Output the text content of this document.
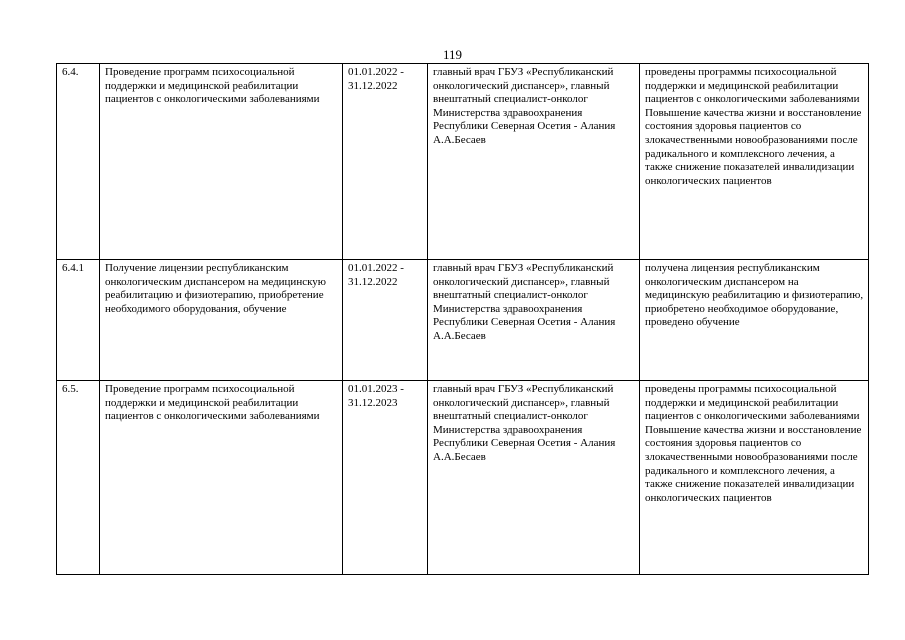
119
6.4.	Проведение программ психосоциальной поддержки и медицинской реабилитации пациентов с онкологическими заболеваниями	01.01.2022 - 31.12.2022	главный врач ГБУЗ «Республиканский онкологический диспансер», главный внештатный специалист-онколог Министерства здравоохранения Республики Северная Осетия - Алания А.А.Бесаев	проведены программы психосоциальной поддержки и медицинской реабилитации пациентов с онкологическими заболеваниями Повышение качества жизни и восстановление состояния здоровья пациентов со злокачественными новообразованиями после радикального и комплексного лечения, а также снижение показателей инвалидизации онкологических пациентов
6.4.1	Получение лицензии республиканским онкологическим диспансером на медицинскую реабилитацию и физиотерапию, приобретение необходимого оборудования, обучение	01.01.2022 - 31.12.2022	главный врач ГБУЗ «Республиканский онкологический диспансер», главный внештатный специалист-онколог Министерства здравоохранения Республики Северная Осетия - Алания А.А.Бесаев	получена лицензия республиканским онкологическим диспансером на медицинскую реабилитацию и физиотерапию, приобретено необходимое оборудование, проведено обучение
6.5.	Проведение программ психосоциальной поддержки и медицинской реабилитации пациентов с онкологическими заболеваниями	01.01.2023 - 31.12.2023	главный врач ГБУЗ «Республиканский онкологический диспансер», главный внештатный специалист-онколог Министерства здравоохранения Республики Северная Осетия - Алания А.А.Бесаев	проведены программы психосоциальной поддержки и медицинской реабилитации пациентов с онкологическими заболеваниями Повышение качества жизни и восстановление состояния здоровья пациентов со злокачественными новообразованиями после радикального и комплексного лечения, а также снижение показателей инвалидизации онкологических пациентов
